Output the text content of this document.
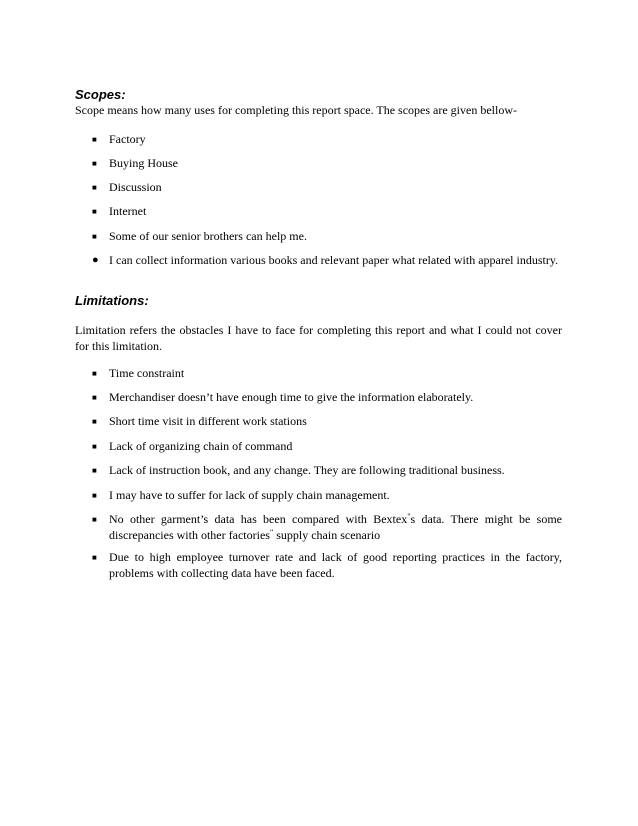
Scopes:
Scope means how many uses for completing this report space. The scopes are given bellow-
■	Factory
■	Buying House
■	Discussion
■	Internet
■	Some of our senior brothers can help me.
● I can collect information various books and relevant paper what related with apparel industry.
Limitations:
Limitation refers the obstacles I have to face for completing this report and what I could not cover for this limitation.
■	Time constraint
■	Merchandiser doesn’t have enough time to give the information elaborately.
■	Short time visit in different work stations
■	Lack of organizing chain of command
■	Lack of instruction book, and any change. They are following traditional business.
■	I may have to suffer for lack of supply chain management.
■	No other garment’s data has been compared with Bextex"s data. There might be some discrepancies with other factories" supply chain scenario
■	Due to high employee turnover rate and lack of good reporting practices in the factory, problems with collecting data have been faced.
